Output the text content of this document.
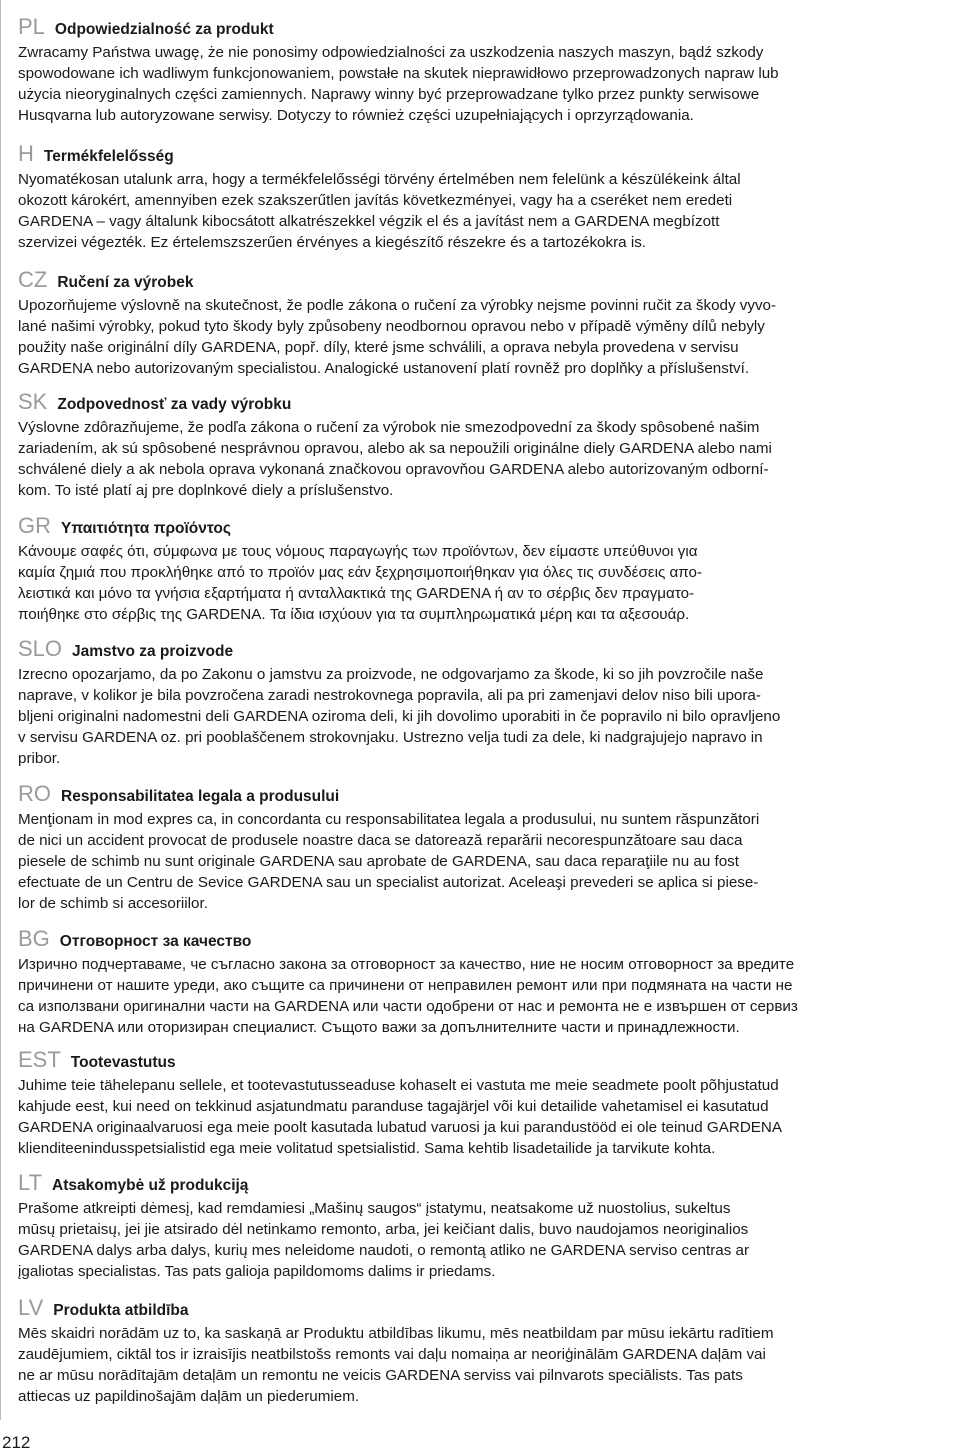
PL Odpowiedzialność za produkt
Zwracamy Państwa uwagę, że nie ponosimy odpowiedzialności za uszkodzenia naszych maszyn, bądź szkody
spowodowane ich wadliwym funkcjonowaniem, powstałe na skutek nieprawidłowo przeprowadzonych napraw lub
użycia nieoryginalnych części zamiennych. Naprawy winny być przeprowadzane tylko przez punkty serwisowe
Husqvarna lub autoryzowane serwisy. Dotyczy to również części uzupełniających i oprzyrządowania.
H Termékfelelősség
Nyomatékosan utalunk arra, hogy a termékfelelősségi törvény értelmében nem felelünk a készülékeink által
okozott károkért, amennyiben ezek szakszerűtlen javítás következményei, vagy ha a cseréket nem eredeti
GARDENA – vagy általunk kibocsátott alkatrészekkel végzik el és a javítást nem a GARDENA megbízott
szervizei végezték. Ez értelemszszerűen érvényes a kiegészítő részekre és a tartozékokra is.
CZ Ručení za výrobek
Upozorňujeme výslovně na skutečnost, že podle zákona o ručení za výrobky nejsme povinni ručit za škody vyvo-
lané našimi výrobky, pokud tyto škody byly způsobeny neodbornou opravou nebo v případě výměny dílů nebyly
použity naše originální díly GARDENA, popř. díly, které jsme schválili, a oprava nebyla provedena v servisu
GARDENA nebo autorizovaným specialistou. Analogické ustanovení platí rovněž pro doplňky a příslušenství.
SK Zodpovednosť za vady výrobku
Výslovne zdôrazňujeme, že podľa zákona o ručení za výrobok nie smezodpovední za škody spôsobené našim
zariadením, ak sú spôsobené nesprávnou opravou, alebo ak sa nepoužili originálne diely GARDENA alebo nami
schválené diely a ak nebola oprava vykonaná značkovou opravovňou GARDENA alebo autorizovaným odborní-
kom. To isté platí aj pre doplnkové diely a príslušenstvo.
GR Υπαιτιότητα προϊόντος
Κάνουμε σαφές ότι, σύμφωνα με τους νόμους παραγωγής των προϊόντων, δεν είμαστε υπεύθυνοι για
καμία ζημιά που προκλήθηκε από το προϊόν μας εάν ξεχρησιμοποιήθηκαν για όλες τις συνδέσεις απο-
λειστικά και μόνο τα γνήσια εξαρτήματα ή ανταλλακτικά της GARDENA ή αν το σέρβις δεν πραγματο-
ποιήθηκε στο σέρβις της GARDENA. Τα ίδια ισχύουν για τα συμπληρωματικά μέρη και τα αξεσουάρ.
SLO Jamstvo za proizvode
Izrecno opozarjamo, da po Zakonu o jamstvu za proizvode, ne odgovarjamo za škode, ki so jih povzročile naše
naprave, v kolikor je bila povzročena zaradi nestrokovnega popravila, ali pa pri zamenjavi delov niso bili upora-
bljeni originalni nadomestni deli GARDENA oziroma deli, ki jih dovolimo uporabiti in če popravilo ni bilo opravljeno
v servisu GARDENA oz. pri pooblaščenem strokovnjaku. Ustrezno velja tudi za dele, ki nadgrajujejo napravo in
pribor.
RO Responsabilitatea legala a produsului
Menţionam in mod expres ca, in concordanta cu responsabilitatea legala a produsului, nu suntem răspunzători
de nici un accident provocat de produsele noastre daca se datorează reparării necorespunzătoare sau daca
piesele de schimb nu sunt originale GARDENA sau aprobate de GARDENA, sau daca reparaţiile nu au fost
efectuate de un Centru de Sevice GARDENA sau un specialist autorizat. Aceleaşi prevederi se aplica si piese-
lor de schimb si accesoriilor.
BG Отговорност за качество
Изрично подчертаваме, че съгласно закона за отговорност за качество, ние не носим отговорност за вредите
причинени от нашите уреди, ако същите са причинени от неправилен ремонт или при подмяната на части не
са използвани оригинални части на GARDENA или части одобрени от нас и ремонта не е извършен от сервиз
на GARDENA или оторизиран специалист. Същото важи за допълнителните части и принадлежности.
EST Tootevastutus
Juhime teie tähelepanu sellele, et tootevastutusseaduse kohaselt ei vastuta me meie seadmete poolt põhjustatud
kahjude eest, kui need on tekkinud asjatundmatu paranduse tagajärjel või kui detailide vahetamisel ei kasutatud
GARDENA originaalvaruosi ega meie poolt kasutada lubatud varuosi ja kui parandustööd ei ole teinud GARDENA
klienditeenindusspetsialistid ega meie volitatud spetsialistid. Sama kehtib lisadetailide ja tarvikute kohta.
LT Atsakomybė už produkciją
Prašome atkreipti dėmesį, kad remdamiesi „Mašinų saugos“ įstatymu, neatsakome už nuostolius, sukeltus
mūsų prietaisų, jei jie atsirado dėl netinkamo remonto, arba, jei keičiant dalis, buvo naudojamos neoriginalios
GARDENA dalys arba dalys, kurių mes neleidome naudoti, o remontą atliko ne GARDENA serviso centras ar
įgaliotas specialistas. Tas pats galioja papildomoms dalims ir priedams.
LV Produkta atbildība
Mēs skaidri norādām uz to, ka saskaņā ar Produktu atbildības likumu, mēs neatbildam par mūsu iekārtu radītiem
zaudējumiem, ciktāl tos ir izraisījis neatbilstošs remonts vai daļu nomaiņa ar neoriģinālām GARDENA daļām vai
ne ar mūsu norādītajām detaļām un remontu ne veicis GARDENA serviss vai pilnvarots speciālists. Tas pats
attiecas uz papildinošajām daļām un piederumiem.
212
